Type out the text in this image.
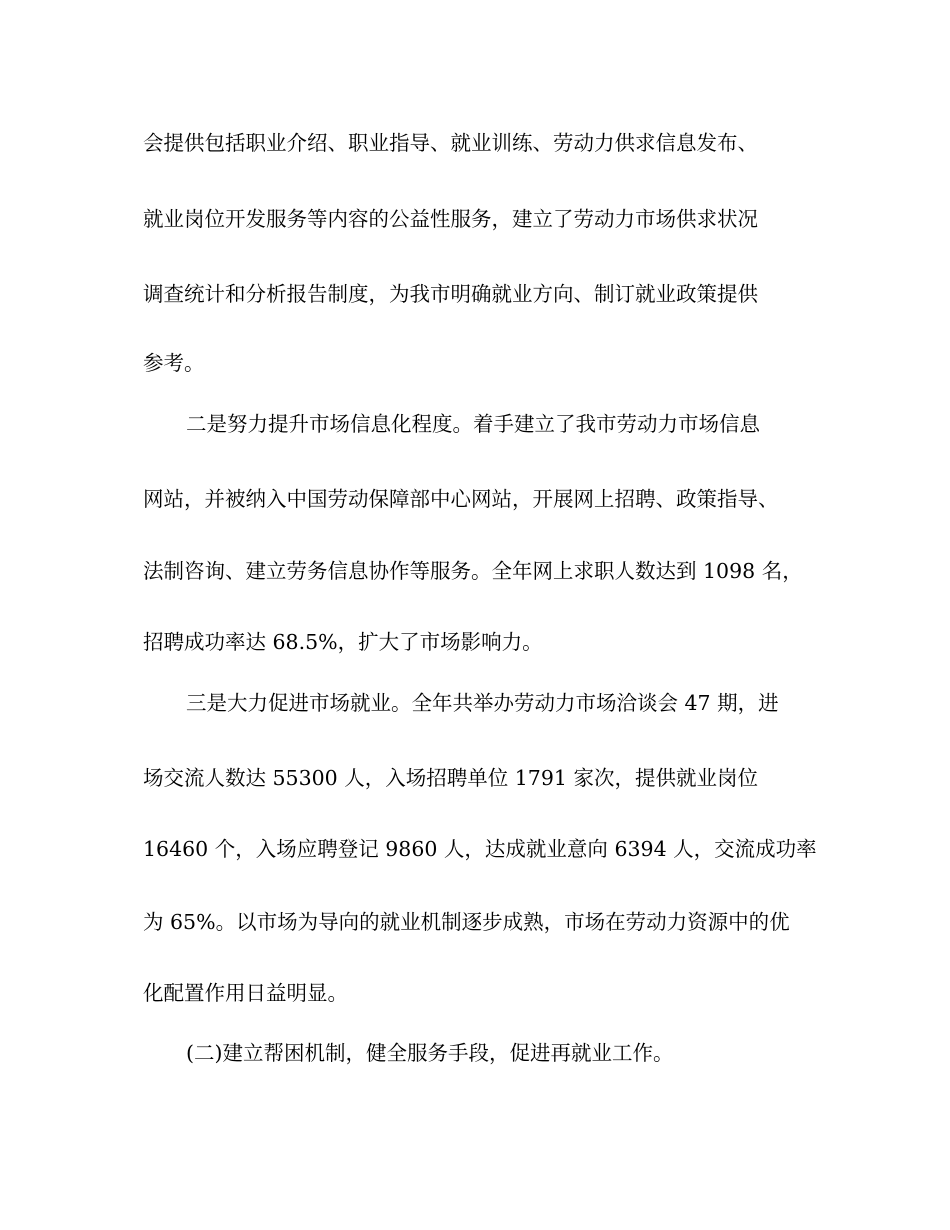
会提供包括职业介绍、职业指导、就业训练、劳动力供求信息发布、

就业岗位开发服务等内容的公益性服务，建立了劳动力市场供求状况

调查统计和分析报告制度，为我市明确就业方向、制订就业政策提供

参考。

二是努力提升市场信息化程度。着手建立了我市劳动力市场信息

网站，并被纳入中国劳动保障部中心网站，开展网上招聘、政策指导、

法制咨询、建立劳务信息协作等服务。全年网上求职人数达到 1098 名，

招聘成功率达 68.5%，扩大了市场影响力。

三是大力促进市场就业。全年共举办劳动力市场洽谈会 47 期，进

场交流人数达 55300 人，入场招聘单位 1791 家次，提供就业岗位

16460 个，入场应聘登记 9860 人，达成就业意向 6394 人，交流成功率

为 65%。以市场为导向的就业机制逐步成熟，市场在劳动力资源中的优

化配置作用日益明显。

(二)建立帮困机制，健全服务手段，促进再就业工作。
